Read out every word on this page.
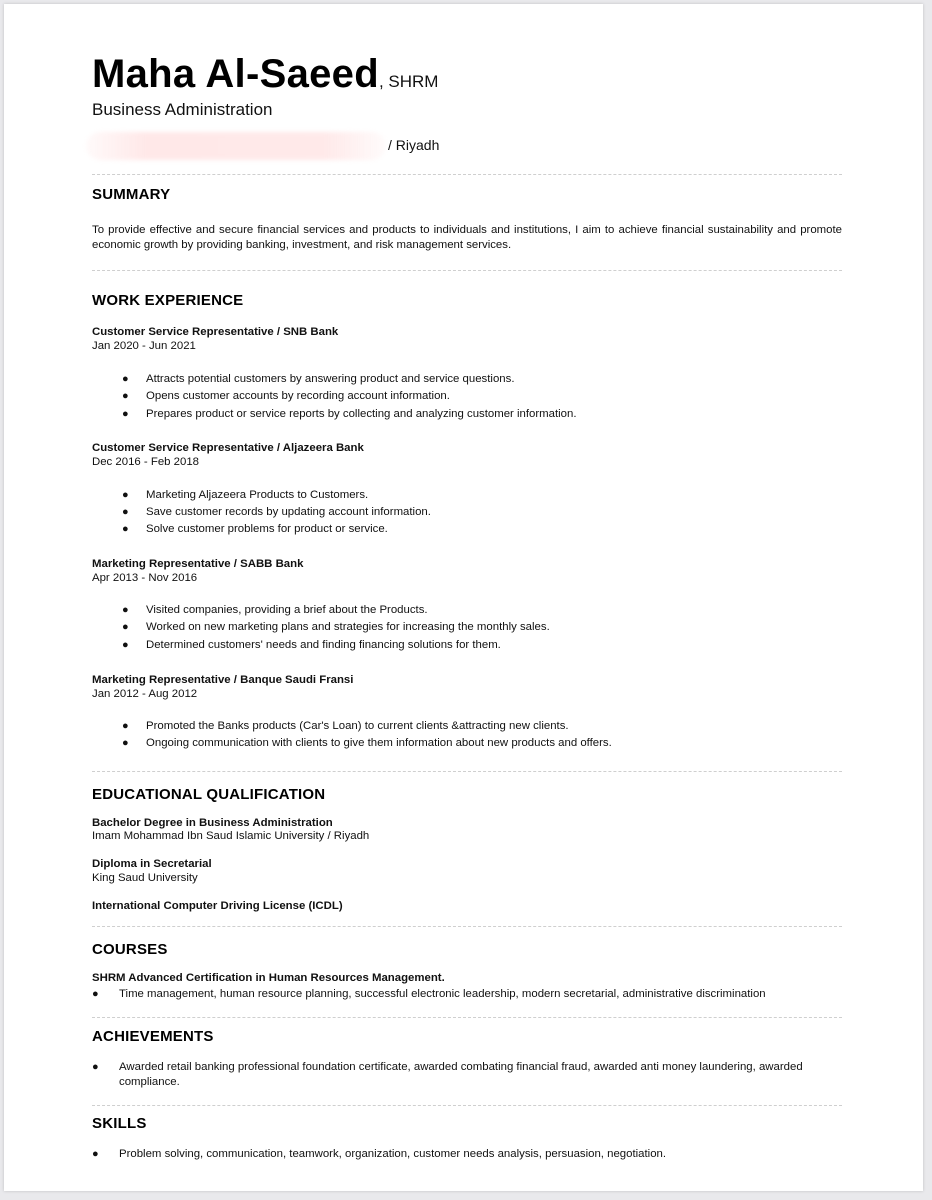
Maha Al-Saeed, SHRM
Business Administration
/ Riyadh
SUMMARY
To provide effective and secure financial services and products to individuals and institutions, I aim to achieve financial sustainability and promote economic growth by providing banking, investment, and risk management services.
WORK EXPERIENCE
Customer Service Representative / SNB Bank
Jan 2020 - Jun 2021
● Attracts potential customers by answering product and service questions.
● Opens customer accounts by recording account information.
● Prepares product or service reports by collecting and analyzing customer information.
Customer Service Representative / Aljazeera Bank
Dec 2016 - Feb 2018
● Marketing Aljazeera Products to Customers.
● Save customer records by updating account information.
● Solve customer problems for product or service.
Marketing Representative / SABB Bank
Apr 2013 - Nov 2016
● Visited companies, providing a brief about the Products.
● Worked on new marketing plans and strategies for increasing the monthly sales.
● Determined customers' needs and finding financing solutions for them.
Marketing Representative / Banque Saudi Fransi
Jan 2012 - Aug 2012
● Promoted the Banks products (Car's Loan) to current clients &attracting new clients.
● Ongoing communication with clients to give them information about new products and offers.
EDUCATIONAL QUALIFICATION
Bachelor Degree in Business Administration
Imam Mohammad Ibn Saud Islamic University / Riyadh
Diploma in Secretarial
King Saud University
International Computer Driving License (ICDL)
COURSES
SHRM Advanced Certification in Human Resources Management.
● Time management, human resource planning, successful electronic leadership, modern secretarial, administrative discrimination
ACHIEVEMENTS
● Awarded retail banking professional foundation certificate, awarded combating financial fraud, awarded anti money laundering, awarded compliance.
SKILLS
● Problem solving, communication, teamwork, organization, customer needs analysis, persuasion, negotiation.
